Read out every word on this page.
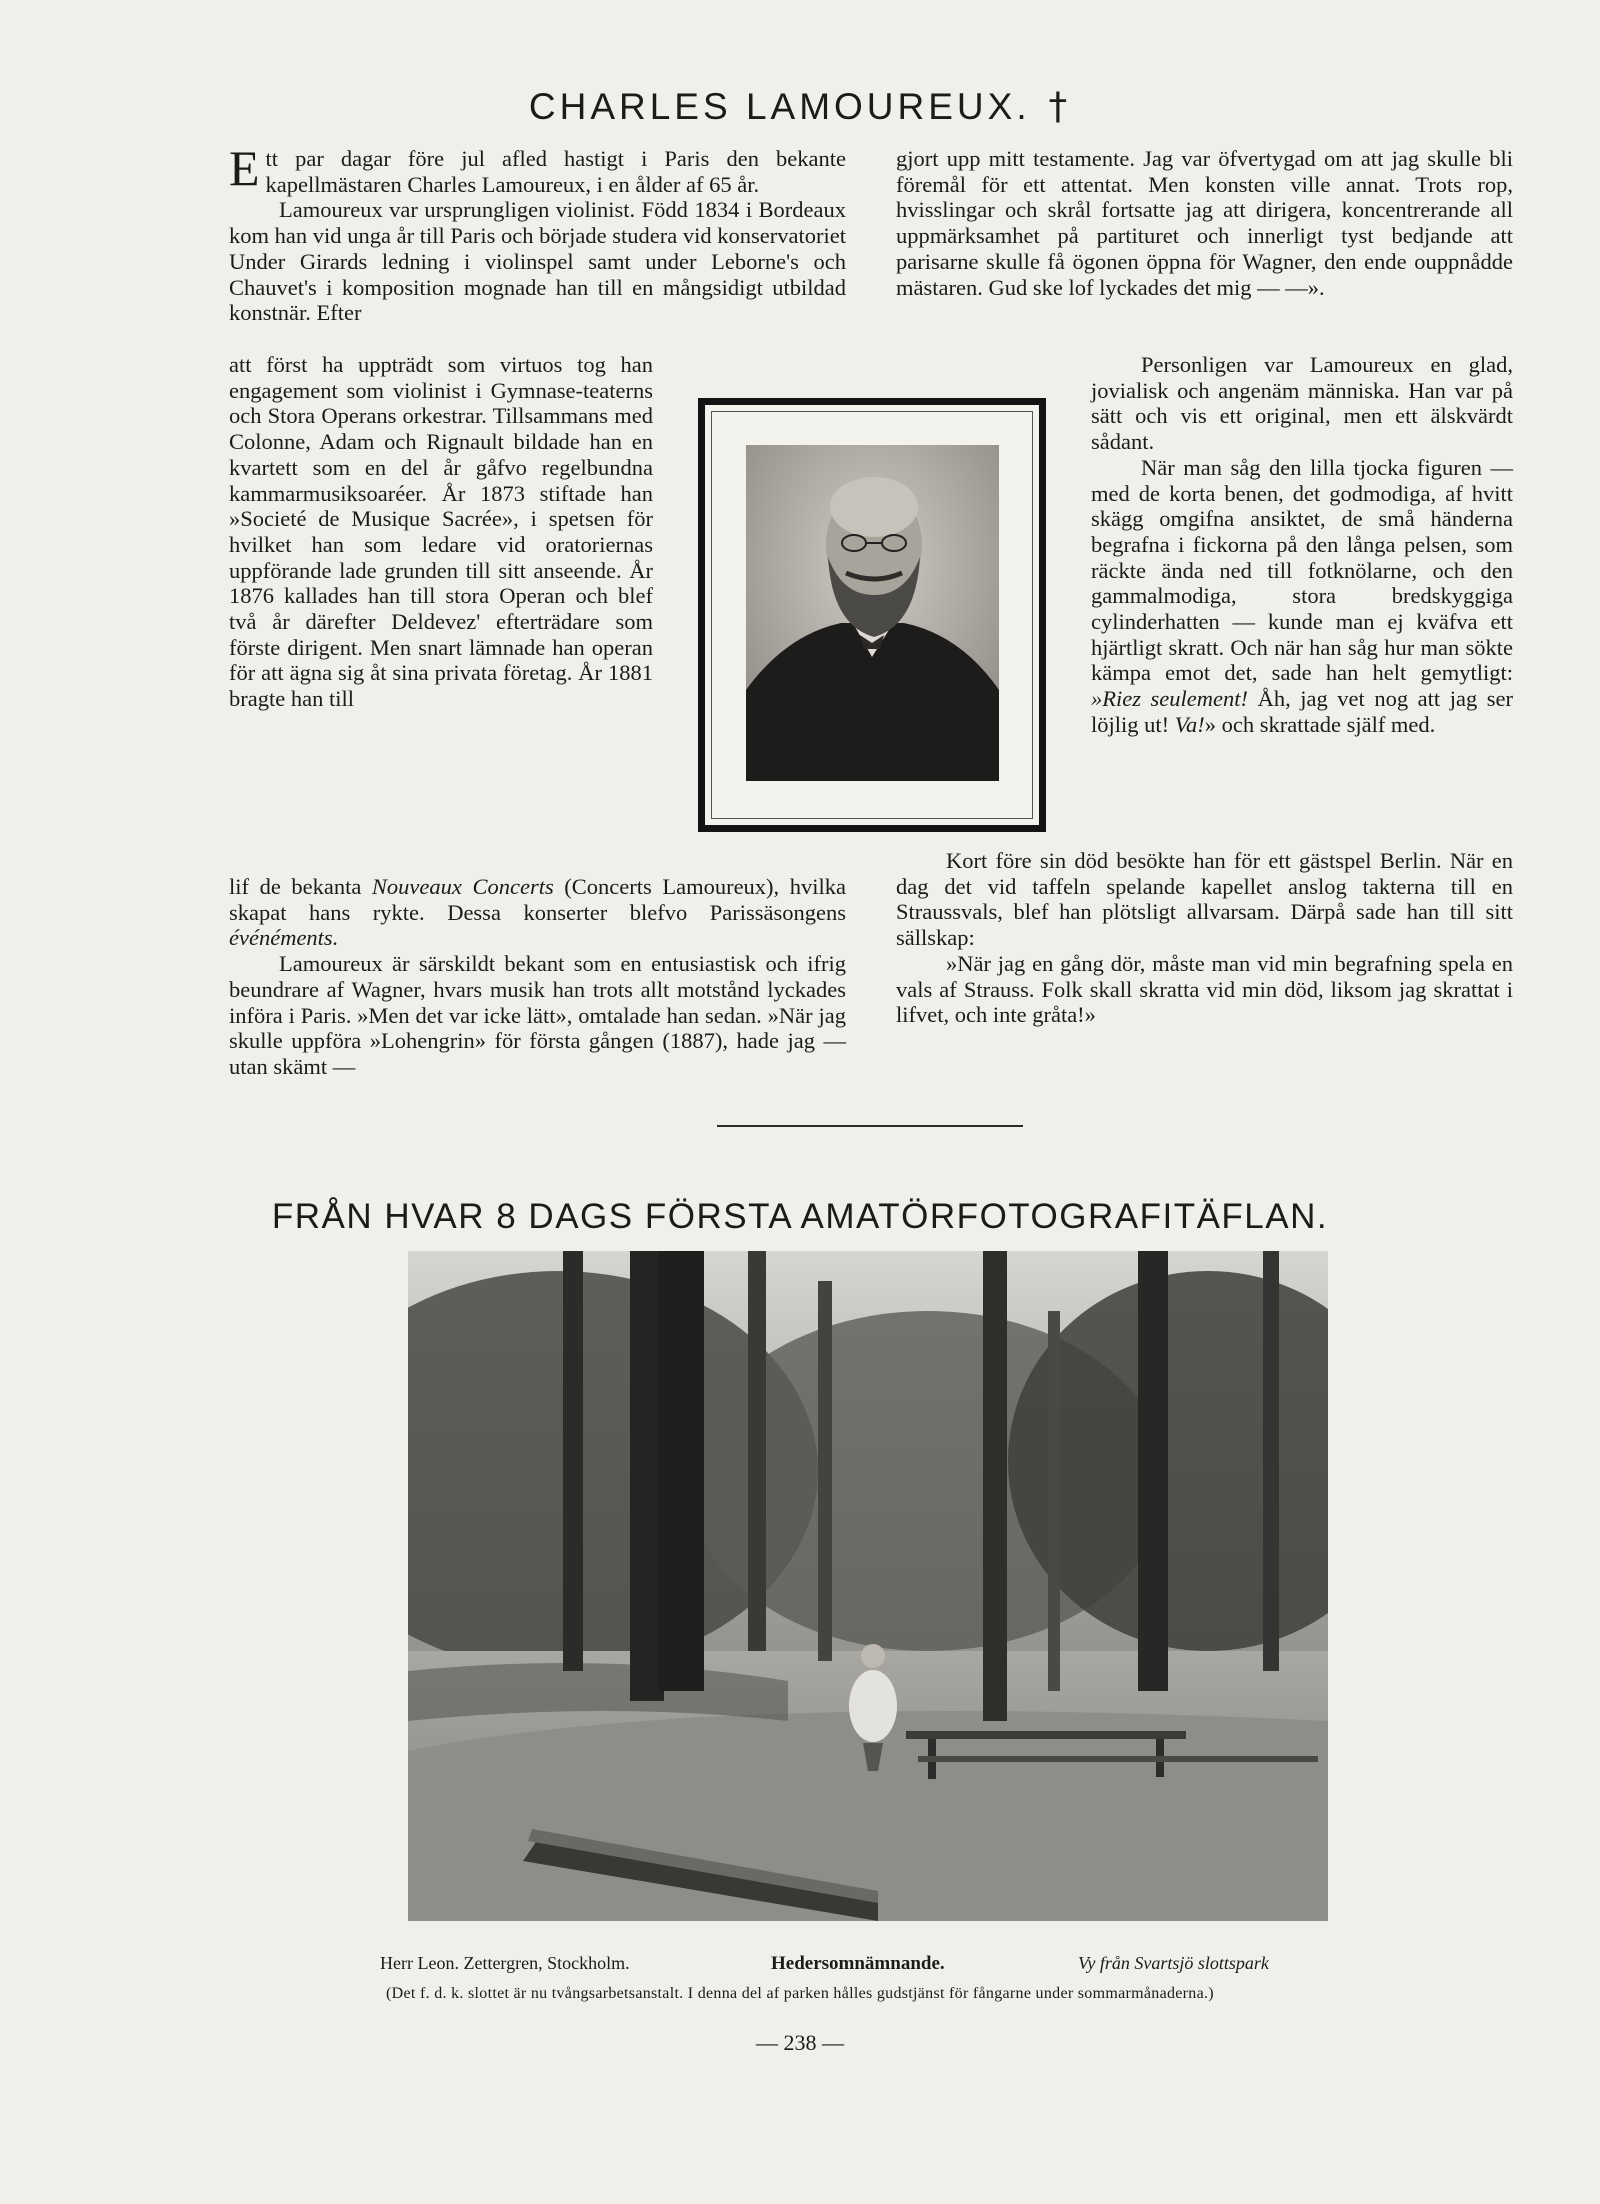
CHARLES LAMOUREUX. †

Ett par dagar före jul afled hastigt i Paris den bekante kapellmästaren Charles Lamoureux, i en ålder af 65 år.

Lamoureux var ursprungligen violinist. Född 1834 i Bordeaux kom han vid unga år till Paris och började studera vid konservatoriet Under Girards ledning i violinspel samt under Leborne's och Chauvet's i komposition mognade han till en mångsidigt utbildad konstnär. Efter

att först ha uppträdt som virtuos tog han engagement som violinist i Gymnase-teaterns och Stora Operans orkestrar. Tillsammans med Colonne, Adam och Rignault bildade han en kvartett som en del år gåfvo regelbundna kammarmusiksoaréer. År 1873 stiftade han »Societé de Musique Sacrée», i spetsen för hvilket han som ledare vid oratoriernas uppförande lade grunden till sitt anseende. År 1876 kallades han till stora Operan och blef två år därefter Deldevez' efterträdare som förste dirigent. Men snart lämnade han operan för att ägna sig åt sina privata företag. År 1881 bragte han till

lif de bekanta Nouveaux Concerts (Concerts Lamoureux), hvilka skapat hans rykte. Dessa konserter blefvo Parissäsongens événéments.

Lamoureux är särskildt bekant som en entusiastisk och ifrig beundrare af Wagner, hvars musik han trots allt motstånd lyckades införa i Paris. »Men det var icke lätt», omtalade han sedan. »När jag skulle uppföra »Lohengrin» för första gången (1887), hade jag — utan skämt —

gjort upp mitt testamente. Jag var öfvertygad om att jag skulle bli föremål för ett attentat. Men konsten ville annat. Trots rop, hvisslingar och skrål fortsatte jag att dirigera, koncentrerande all uppmärksamhet på partituret och innerligt tyst bedjande att parisarne skulle få ögonen öppna för Wagner, den ende ouppnådde mästaren. Gud ske lof lyckades det mig — —».

Personligen var Lamoureux en glad, jovialisk och angenäm människa. Han var på sätt och vis ett original, men ett älskvärdt sådant.

När man såg den lilla tjocka figuren — med de korta benen, det godmodiga, af hvitt skägg omgifna ansiktet, de små händerna begrafna i fickorna på den långa pelsen, som räckte ända ned till fotknölarne, och den gammalmodiga, stora bredskyggiga cylinderhatten — kunde man ej kväfva ett hjärtligt skratt. Och när han såg hur man sökte kämpa emot det, sade han helt gemytligt: »Riez seulement! Åh, jag vet nog att jag ser löjlig ut! Va!» och skrattade själf med.

Kort före sin död besökte han för ett gästspel Berlin. När en dag det vid taffeln spelande kapellet anslog takterna till en Straussvals, blef han plötsligt allvarsam. Därpå sade han till sitt sällskap:

»När jag en gång dör, måste man vid min begrafning spela en vals af Strauss. Folk skall skratta vid min död, liksom jag skrattat i lifvet, och inte gråta!»

FRÅN HVAR 8 DAGS FÖRSTA AMATÖRFOTOGRAFITÄFLAN.
Herr Leon. Zettergren, Stockholm.	Hedersomnämnande.	Vy från Svartsjö slottspark
(Det f. d. k. slottet är nu tvångsarbetsanstalt. I denna del af parken hålles gudstjänst för fångarne under sommarmånaderna.)
— 238 —
